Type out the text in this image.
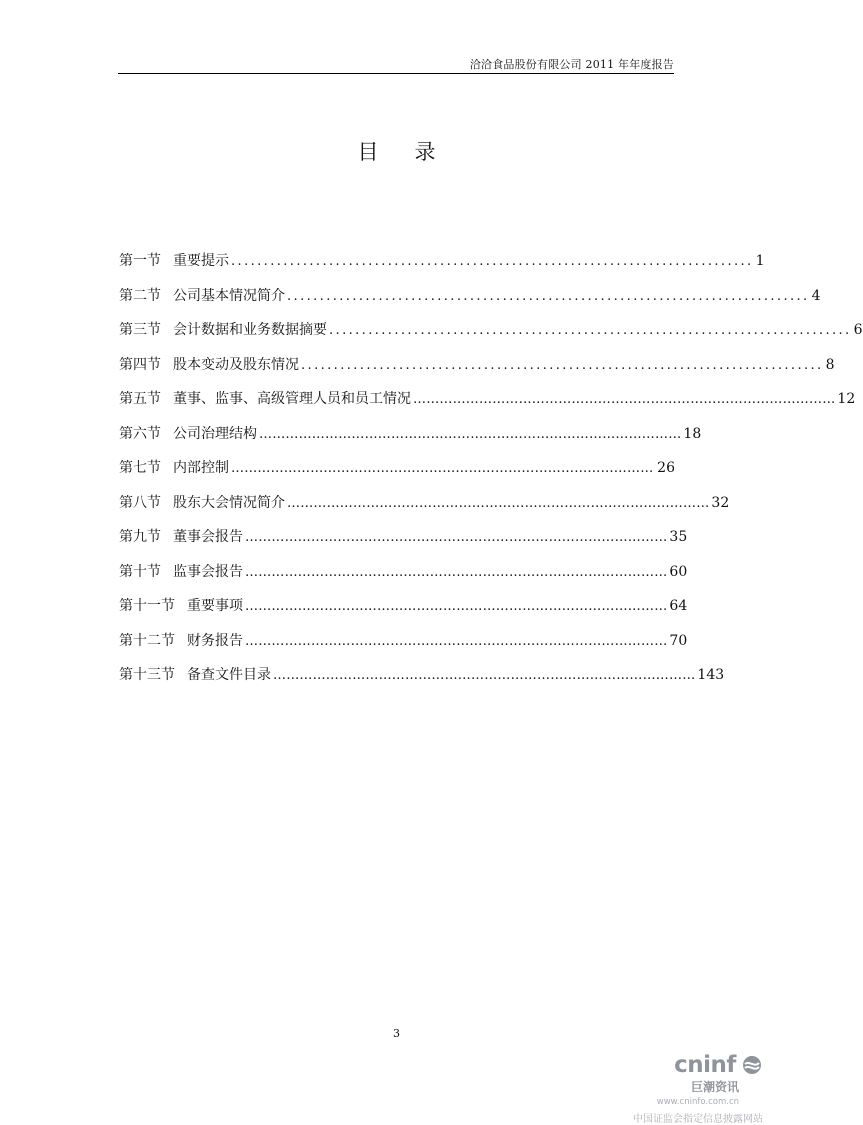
洽洽食品股份有限公司 2011 年年度报告
目录
第一节 重要提示 ................................................................................ 1
第二节 公司基本情况简介 ................................................................................ 4
第三节 会计数据和业务数据摘要 ................................................................................ 6
第四节 股本变动及股东情况 ................................................................................ 8
第五节 董事、监事、高级管理人员和员工情况 …………………………………………………………………………………… 12
第六节 公司治理结构 …………………………………………………………………………………… 18
第七节 内部控制 …………………………………………………………………………………… 26
第八节 股东大会情况简介 …………………………………………………………………………………… 32
第九节 董事会报告 …………………………………………………………………………………… 35
第十节 监事会报告 …………………………………………………………………………………… 60
第十一节 重要事项 …………………………………………………………………………………… 64
第十二节 财务报告 …………………………………………………………………………………… 70
第十三节 备查文件目录 …………………………………………………………………………………… 143
3
cninf
巨潮资讯
www.cninfo.com.cn
中国证监会指定信息披露网站
